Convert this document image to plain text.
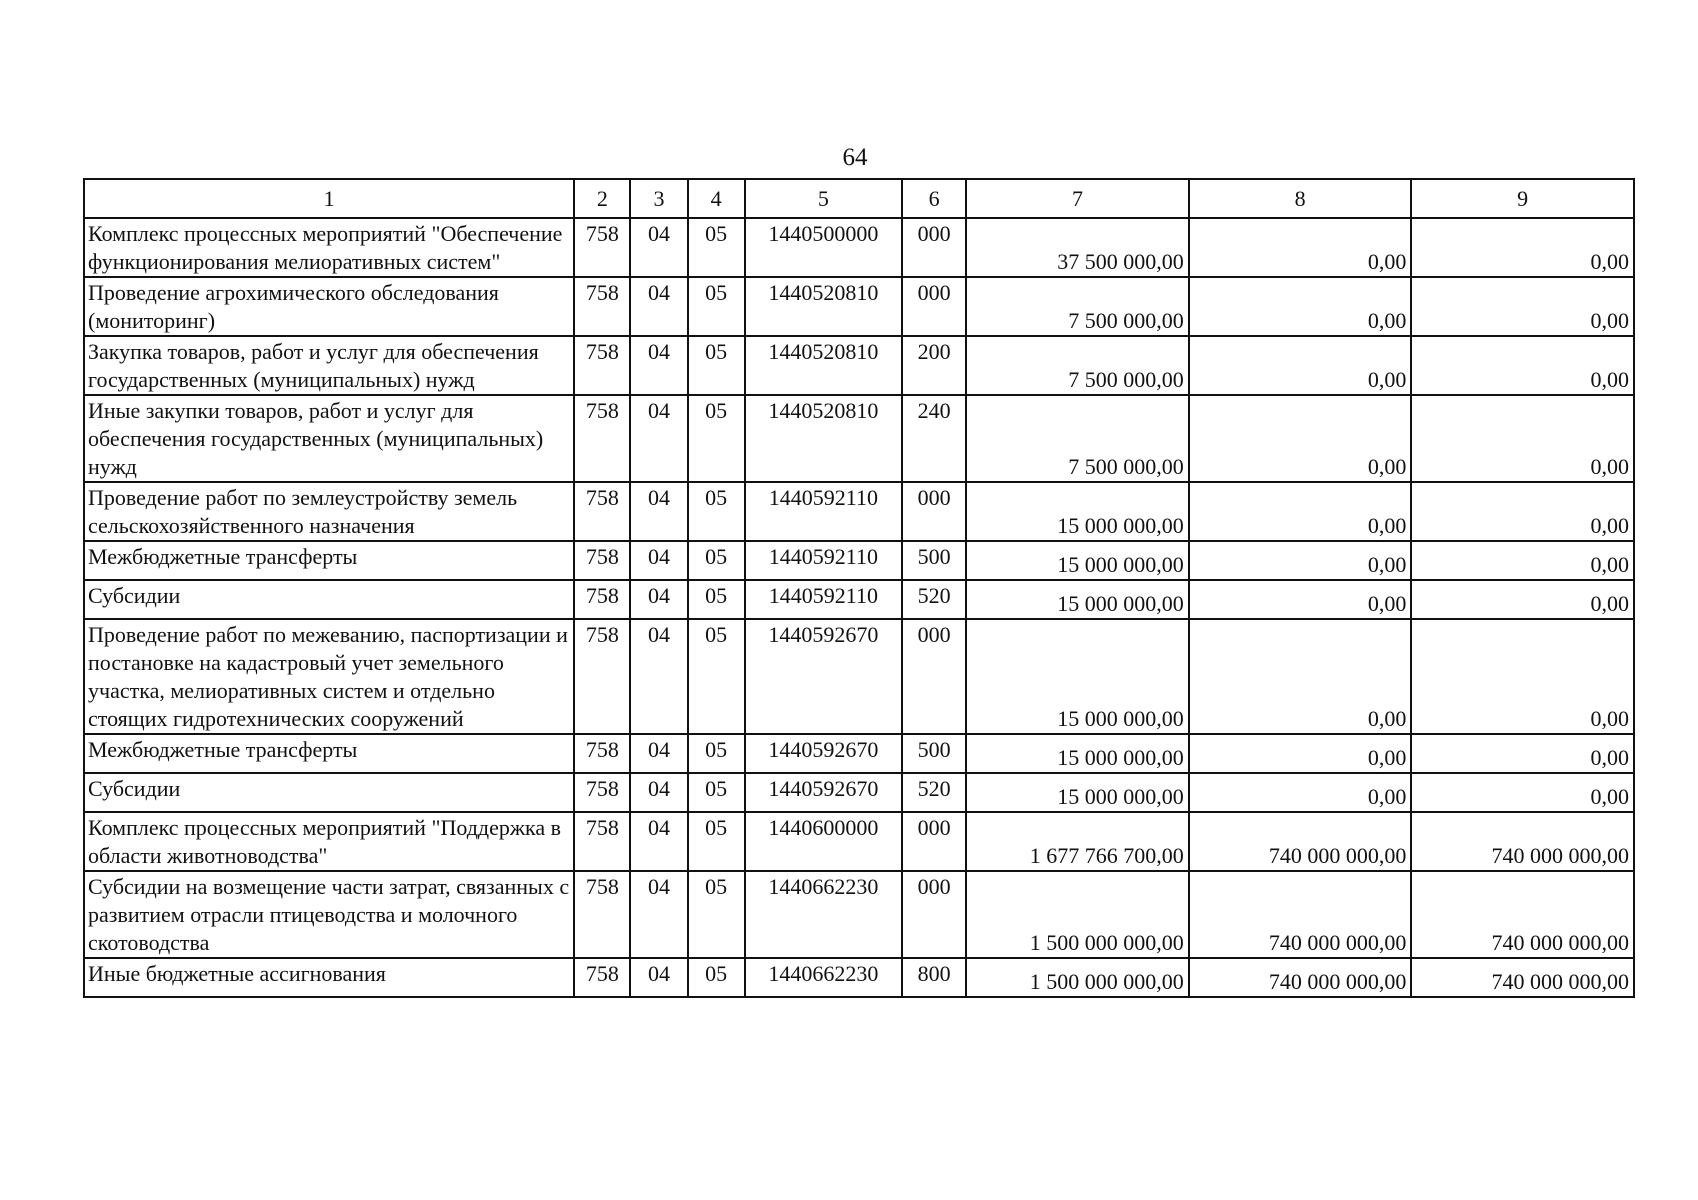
64
1	2	3	4	5	6	7	8	9
Комплекс процессных мероприятий "Обеспечение функционирования мелиоративных систем"	758	04	05	1440500000	000	37 500 000,00	0,00	0,00
Проведение агрохимического обследования (мониторинг)	758	04	05	1440520810	000	7 500 000,00	0,00	0,00
Закупка товаров, работ и услуг для обеспечения государственных (муниципальных) нужд	758	04	05	1440520810	200	7 500 000,00	0,00	0,00
Иные закупки товаров, работ и услуг для обеспечения государственных (муниципальных) нужд	758	04	05	1440520810	240	7 500 000,00	0,00	0,00
Проведение работ по землеустройству земель сельскохозяйственного назначения	758	04	05	1440592110	000	15 000 000,00	0,00	0,00
Межбюджетные трансферты	758	04	05	1440592110	500	15 000 000,00	0,00	0,00
Субсидии	758	04	05	1440592110	520	15 000 000,00	0,00	0,00
Проведение работ по межеванию, паспортизации и постановке на кадастровый учет земельного участка, мелиоративных систем и отдельно стоящих гидротехнических сооружений	758	04	05	1440592670	000	15 000 000,00	0,00	0,00
Межбюджетные трансферты	758	04	05	1440592670	500	15 000 000,00	0,00	0,00
Субсидии	758	04	05	1440592670	520	15 000 000,00	0,00	0,00
Комплекс процессных мероприятий "Поддержка в области животноводства"	758	04	05	1440600000	000	1 677 766 700,00	740 000 000,00	740 000 000,00
Субсидии на возмещение части затрат, связанных с развитием отрасли птицеводства и молочного скотоводства	758	04	05	1440662230	000	1 500 000 000,00	740 000 000,00	740 000 000,00
Иные бюджетные ассигнования	758	04	05	1440662230	800	1 500 000 000,00	740 000 000,00	740 000 000,00
